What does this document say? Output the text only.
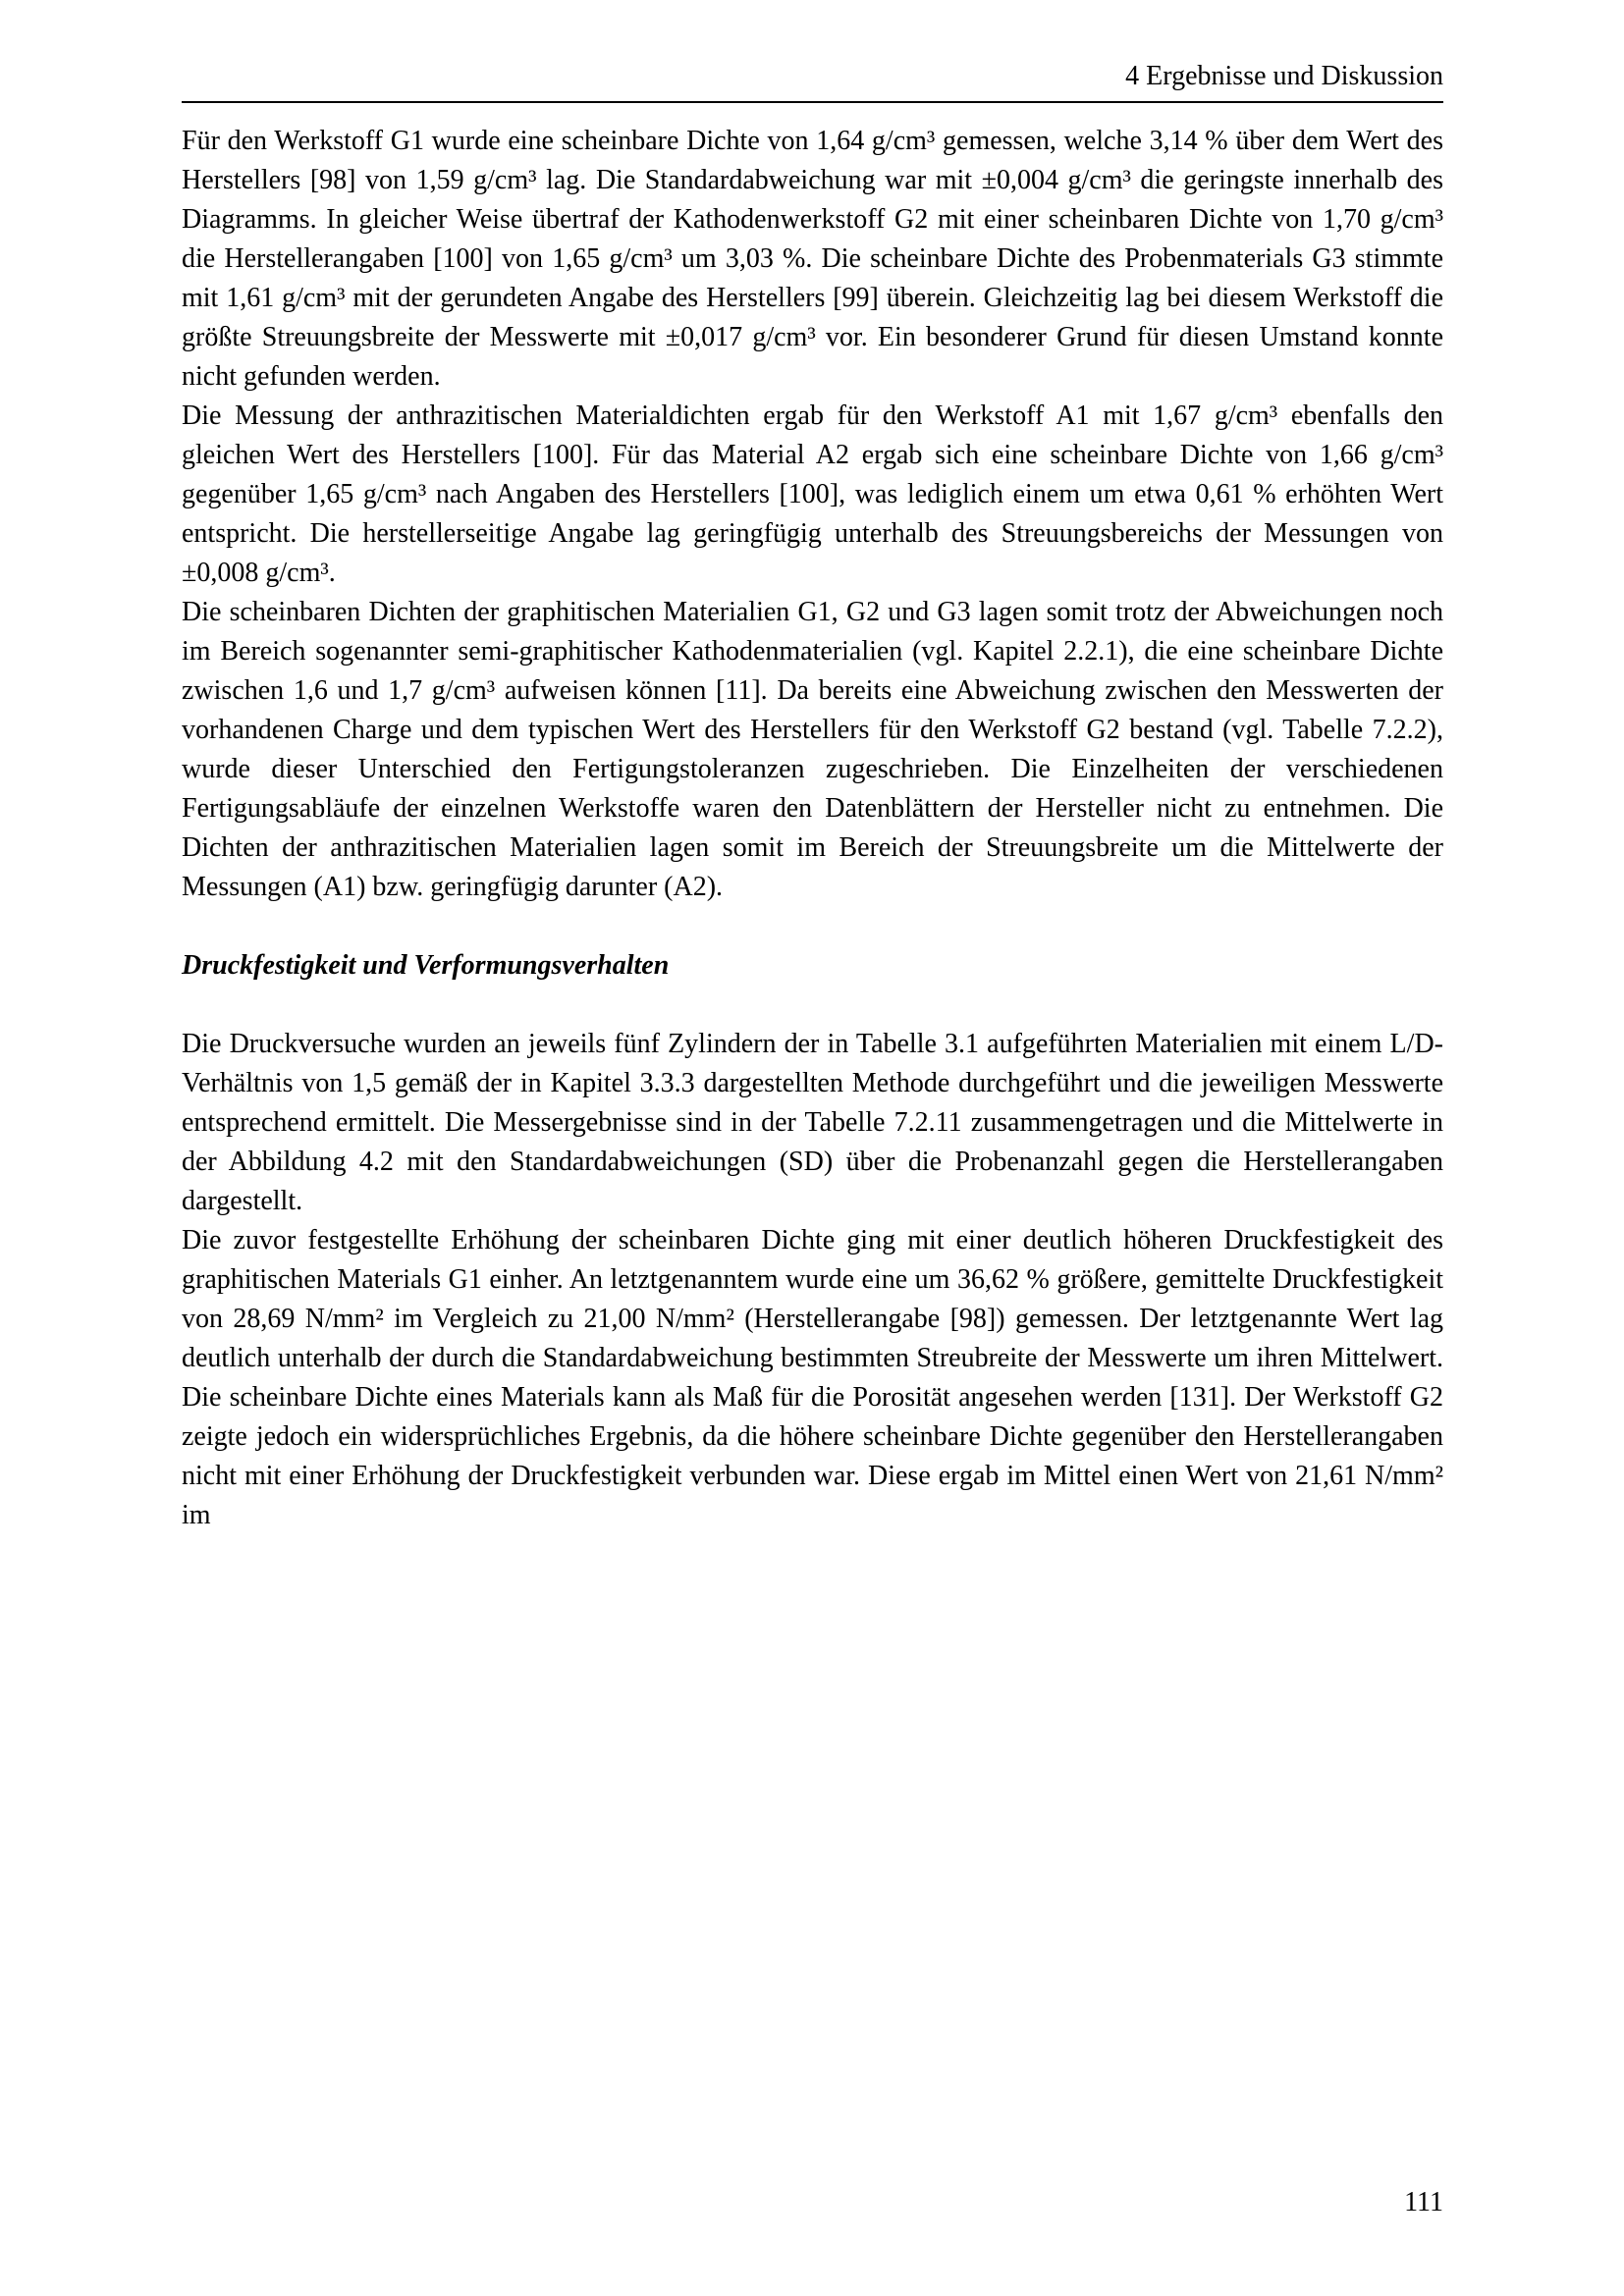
4 Ergebnisse und Diskussion

Für den Werkstoff G1 wurde eine scheinbare Dichte von 1,64 g/cm³ gemessen, welche 3,14 % über dem Wert des Herstellers [98] von 1,59 g/cm³ lag. Die Standardabweichung war mit ±0,004 g/cm³ die geringste innerhalb des Diagramms. In gleicher Weise übertraf der Kathodenwerkstoff G2 mit einer scheinbaren Dichte von 1,70 g/cm³ die Herstellerangaben [100] von 1,65 g/cm³ um 3,03 %. Die scheinbare Dichte des Probenmaterials G3 stimmte mit 1,61 g/cm³ mit der gerundeten Angabe des Herstellers [99] überein. Gleichzeitig lag bei diesem Werkstoff die größte Streuungsbreite der Messwerte mit ±0,017 g/cm³ vor. Ein besonderer Grund für diesen Umstand konnte nicht gefunden werden.

Die Messung der anthrazitischen Materialdichten ergab für den Werkstoff A1 mit 1,67 g/cm³ ebenfalls den gleichen Wert des Herstellers [100]. Für das Material A2 ergab sich eine scheinbare Dichte von 1,66 g/cm³ gegenüber 1,65 g/cm³ nach Angaben des Herstellers [100], was lediglich einem um etwa 0,61 % erhöhten Wert entspricht. Die herstellerseitige Angabe lag geringfügig unterhalb des Streuungsbereichs der Messungen von ±0,008 g/cm³.

Die scheinbaren Dichten der graphitischen Materialien G1, G2 und G3 lagen somit trotz der Abweichungen noch im Bereich sogenannter semi-graphitischer Kathodenmaterialien (vgl. Kapitel 2.2.1), die eine scheinbare Dichte zwischen 1,6 und 1,7 g/cm³ aufweisen können [11]. Da bereits eine Abweichung zwischen den Messwerten der vorhandenen Charge und dem typischen Wert des Herstellers für den Werkstoff G2 bestand (vgl. Tabelle 7.2.2), wurde dieser Unterschied den Fertigungstoleranzen zugeschrieben. Die Einzelheiten der verschiedenen Fertigungsabläufe der einzelnen Werkstoffe waren den Datenblättern der Hersteller nicht zu entnehmen. Die Dichten der anthrazitischen Materialien lagen somit im Bereich der Streuungsbreite um die Mittelwerte der Messungen (A1) bzw. geringfügig darunter (A2).

Druckfestigkeit und Verformungsverhalten

Die Druckversuche wurden an jeweils fünf Zylindern der in Tabelle 3.1 aufgeführten Materialien mit einem L/D-Verhältnis von 1,5 gemäß der in Kapitel 3.3.3 dargestellten Methode durchgeführt und die jeweiligen Messwerte entsprechend ermittelt. Die Messergebnisse sind in der Tabelle 7.2.11 zusammengetragen und die Mittelwerte in der Abbildung 4.2 mit den Standardabweichungen (SD) über die Probenanzahl gegen die Herstellerangaben dargestellt.

Die zuvor festgestellte Erhöhung der scheinbaren Dichte ging mit einer deutlich höheren Druckfestigkeit des graphitischen Materials G1 einher. An letztgenanntem wurde eine um 36,62 % größere, gemittelte Druckfestigkeit von 28,69 N/mm² im Vergleich zu 21,00 N/mm² (Herstellerangabe [98]) gemessen. Der letztgenannte Wert lag deutlich unterhalb der durch die Standardabweichung bestimmten Streubreite der Messwerte um ihren Mittelwert. Die scheinbare Dichte eines Materials kann als Maß für die Porosität angesehen werden [131]. Der Werkstoff G2 zeigte jedoch ein widersprüchliches Ergebnis, da die höhere scheinbare Dichte gegenüber den Herstellerangaben nicht mit einer Erhöhung der Druckfestigkeit verbunden war. Diese ergab im Mittel einen Wert von 21,61 N/mm² im

111
